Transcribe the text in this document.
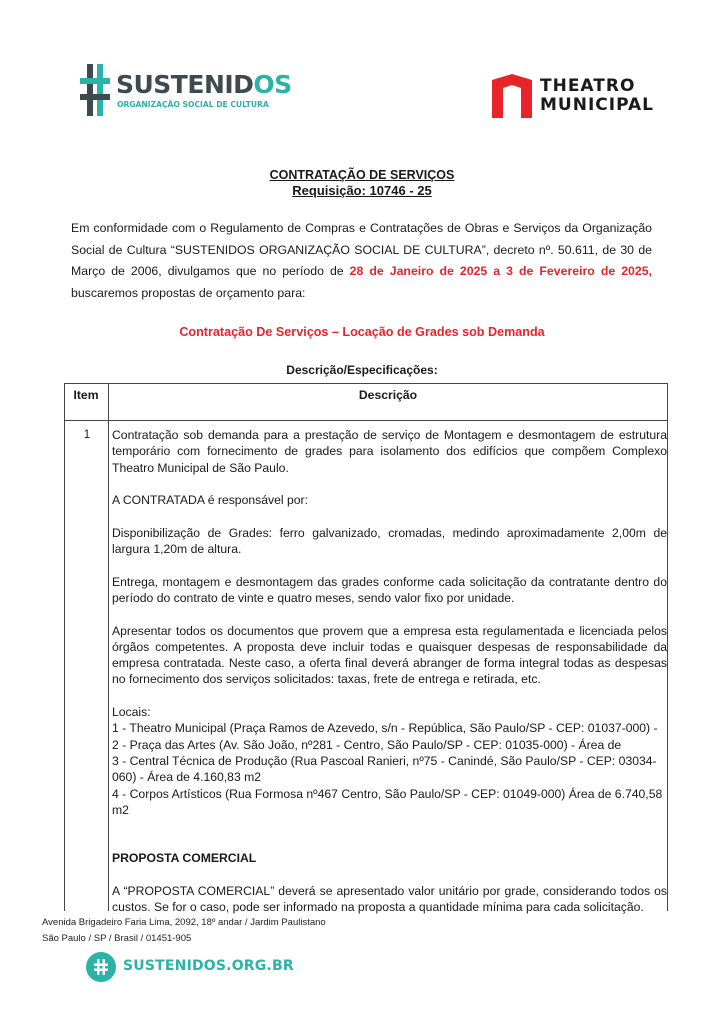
SUSTENIDOS
ORGANIZAÇÃO SOCIAL DE CULTURA
THEATRO
MUNICIPAL
CONTRATAÇÃO DE SERVIÇOS
Requisição: 10746 - 25
Em conformidade com o Regulamento de Compras e Contratações de Obras e Serviços da Organização Social de Cultura “SUSTENIDOS ORGANIZAÇÃO SOCIAL DE CULTURA”, decreto nº. 50.611, de 30 de Março de 2006, divulgamos que no período de 28 de Janeiro de 2025 a 3 de Fevereiro de 2025, buscaremos propostas de orçamento para:
Contratação De Serviços – Locação de Grades sob Demanda
Descrição/Especificações:
Item	Descrição
1	Contratação sob demanda para a prestação de serviço de Montagem e desmontagem de estrutura temporário com fornecimento de grades para isolamento dos edifícios que compõem Complexo Theatro Municipal de São Paulo.

A CONTRATADA é responsável por:

Disponibilização de Grades: ferro galvanizado, cromadas, medindo aproximadamente 2,00m de largura 1,20m de altura.

Entrega, montagem e desmontagem das grades conforme cada solicitação da contratante dentro do período do contrato de vinte e quatro meses, sendo valor fixo por unidade.

Apresentar todos os documentos que provem que a empresa esta regulamentada e licenciada pelos órgãos competentes. A proposta deve incluir todas e quaisquer despesas de responsabilidade da empresa contratada. Neste caso, a oferta final deverá abranger de forma integral todas as despesas no fornecimento dos serviços solicitados: taxas, frete de entrega e retirada, etc.

Locais:

1 - Theatro Municipal (Praça Ramos de Azevedo, s/n - República, São Paulo/SP - CEP: 01037-000) -

2 - Praça das Artes (Av. São João, nº281 - Centro, São Paulo/SP - CEP: 01035-000) - Área de

3 - Central Técnica de Produção (Rua Pascoal Ranieri, nº75 - Canindé, São Paulo/SP - CEP: 03034-060) - Área de 4.160,83 m2

4 - Corpos Artísticos (Rua Formosa nº467 Centro, São Paulo/SP - CEP: 01049-000) Área de 6.740,58 m2

PROPOSTA COMERCIAL

A “PROPOSTA COMERCIAL” deverá se apresentado valor unitário por grade, considerando todos os custos. Se for o caso, pode ser informado na proposta a quantidade mínima para cada solicitação.

Avenida Brigadeiro Faria Lima, 2092, 18º andar / Jardim Paulistano
São Paulo / SP / Brasil / 01451-905
SUSTENIDOS.ORG.BR
